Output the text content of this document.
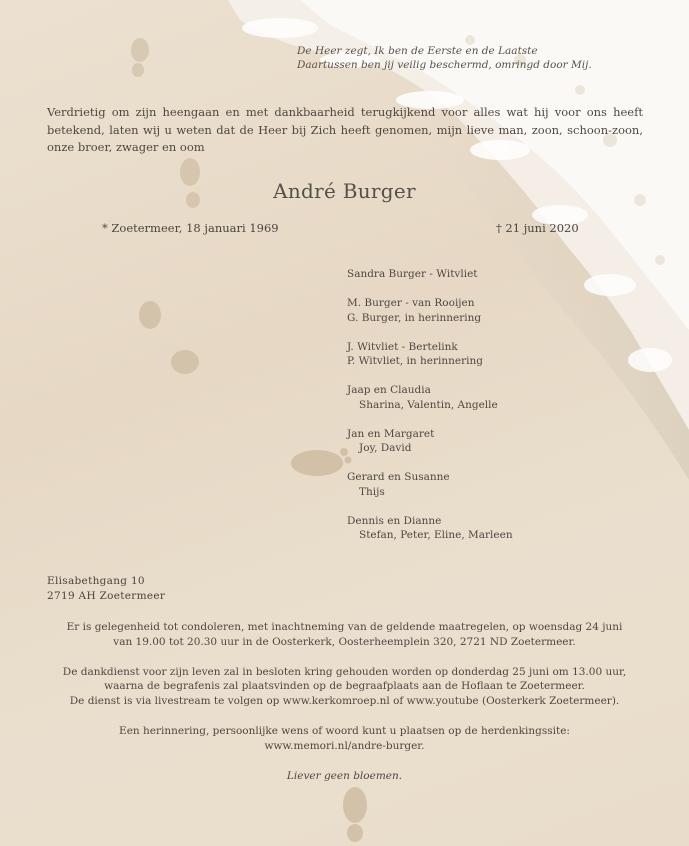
De Heer zegt, Ik ben de Eerste en de Laatste
Daartussen ben jij veilig beschermd, omringd door Mij.
Verdrietig om zijn heengaan en met dankbaarheid terugkijkend voor alles wat hij voor ons heeft betekend, laten wij u weten dat de Heer bij Zich heeft genomen, mijn lieve man, zoon, schoon-zoon, onze broer, zwager en oom
André Burger
* Zoetermeer, 18 januari 1969	† 21 juni 2020
Sandra Burger - Witvliet
M. Burger - van Rooijen
G. Burger, in herinnering
J. Witvliet - Bertelink
P. Witvliet, in herinnering
Jaap en Claudia
Sharina, Valentin, Angelle
Jan en Margaret
Joy, David
Gerard en Susanne
Thijs
Dennis en Dianne
Stefan, Peter, Eline, Marleen
Elisabethgang 10
2719 AH Zoetermeer

Er is gelegenheid tot condoleren, met inachtneming van de geldende maatregelen, op woensdag 24 juni
van 19.00 tot 20.30 uur in de Oosterkerk, Oosterheemplein 320, 2721 ND Zoetermeer.

De dankdienst voor zijn leven zal in besloten kring gehouden worden op donderdag 25 juni om 13.00 uur,
waarna de begrafenis zal plaatsvinden op de begraafplaats aan de Hoflaan te Zoetermeer.
De dienst is via livestream te volgen op www.kerkomroep.nl of www.youtube (Oosterkerk Zoetermeer).

Een herinnering, persoonlijke wens of woord kunt u plaatsen op de herdenkingssite:
www.memori.nl/andre-burger.

Liever geen bloemen.
